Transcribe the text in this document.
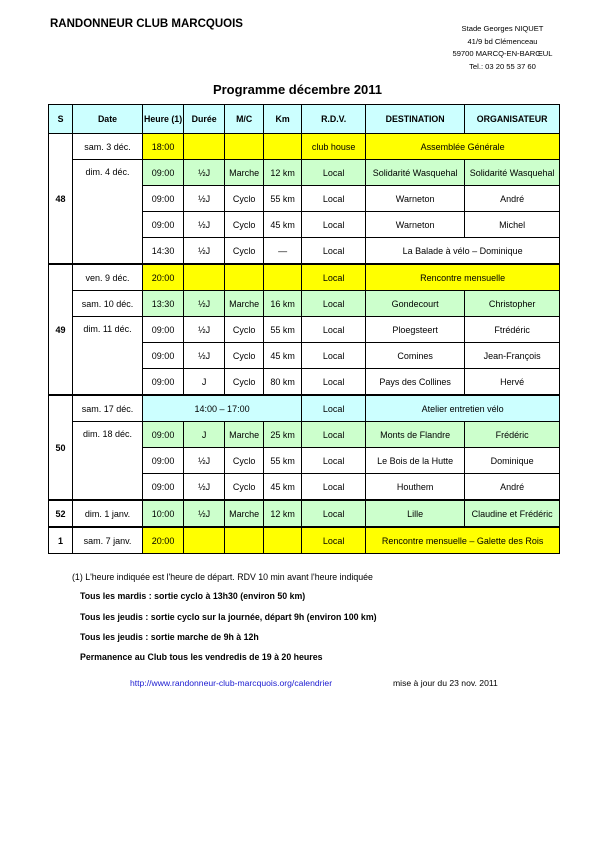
RANDONNEUR CLUB MARCQUOIS	Stade Georges NIQUET
41/9 bd Clémenceau
59700 MARCQ-EN-BARŒUL
Tel.: 03 20 55 37 60
Programme décembre 2011
S	Date	Heure (1)	Durée	M/C	Km	R.D.V.	DESTINATION	ORGANISATEUR
48	sam. 3 déc.	18:00				club house	Assemblée Générale	
	dim. 4 déc.	09:00	½J	Marche	12 km	Local	Solidarité Wasquehal	Solidarité Wasquehal
		09:00	½J	Cyclo	55 km	Local	Warneton	André
		09:00	½J	Cyclo	45 km	Local	Warneton	Michel
		14:30	½J	Cyclo	—	Local	La Balade à vélo – Dominique	
49	ven. 9 déc.	20:00				Local	Rencontre mensuelle	
	sam. 10 déc.	13:30	½J	Marche	16 km	Local	Gondecourt	Christopher
	dim. 11 déc.	09:00	½J	Cyclo	55 km	Local	Ploegsteert	Ftrédéric
		09:00	½J	Cyclo	45 km	Local	Comines	Jean-François
		09:00	J	Cyclo	80 km	Local	Pays des Collines	Hervé
50	sam. 17 déc.	14:00 – 17:00				Local	Atelier entretien vélo	
	dim. 18 déc.	09:00	J	Marche	25 km	Local	Monts de Flandre	Frédéric
		09:00	½J	Cyclo	55 km	Local	Le Bois de la Hutte	Dominique
		09:00	½J	Cyclo	45 km	Local	Houthem	André
52	dim. 1 janv.	10:00	½J	Marche	12 km	Local	Lille	Claudine et Frédéric
1	sam. 7 janv.	20:00				Local	Rencontre mensuelle – Galette des Rois	
(1) L'heure indiquée est l'heure de départ. RDV 10 min avant l'heure indiquée
Tous les mardis : sortie cyclo à 13h30 (environ 50 km)
Tous les jeudis : sortie cyclo sur la journée, départ 9h (environ 100 km)
Tous les jeudis : sortie marche de 9h à 12h
Permanence au Club tous les vendredis de 19 à 20 heures
http://www.randonneur-club-marcquois.org/calendrier	mise à jour du 23 nov. 2011
